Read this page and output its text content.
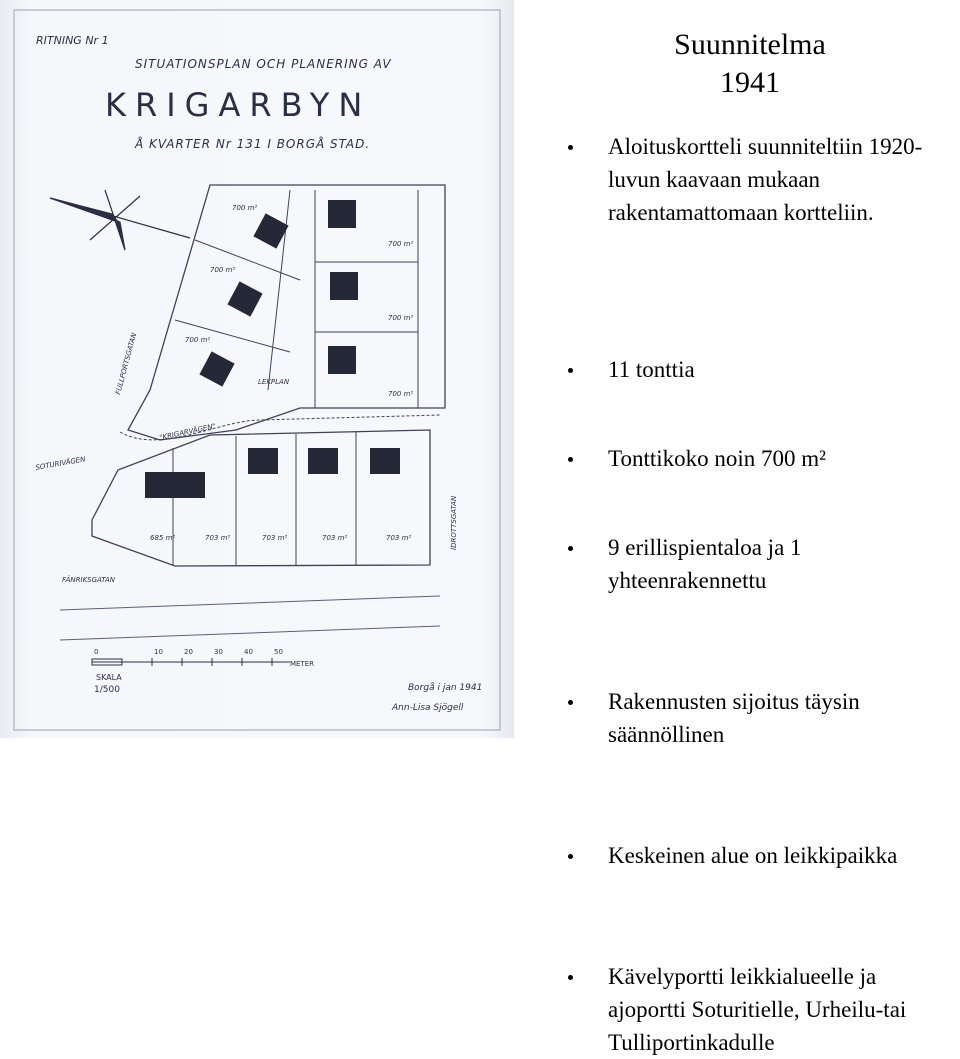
RITNING Nr 1
SITUATIONSPLAN OCH PLANERING AV
KRIGARBYN
Å KVARTER Nr 131 I BORGÅ STAD.
700 m²
700 m²
700 m²
700 m²
700 m²
700 m²
685 m²	703 m²	703 m²	703 m²	703 m²
FULLPORTSGATAN
"KRIGARVÄGEN"
SOTURIVÄGEN
IDROTTSGATAN
FÄNRIKSGATAN
LEKPLAN
0	10	20	30	40	50
METER
SKALA
1/500	Borgå i jan 1941
Ann-Lisa Sjögell
Suunnitelma
1941
Aloituskortteli suunniteltiin 1920-luvun kaavaan mukaan rakentamattomaan kortteliin.
11 tonttia
Tonttikoko noin 700 m²
9 erillispientaloa ja 1 yhteenrakennettu
Rakennusten sijoitus täysin säännöllinen
Keskeinen alue on leikkipaikka
Kävelyportti leikkialueelle ja ajoportti Soturitielle, Urheilu-tai Tulliportinkadulle
